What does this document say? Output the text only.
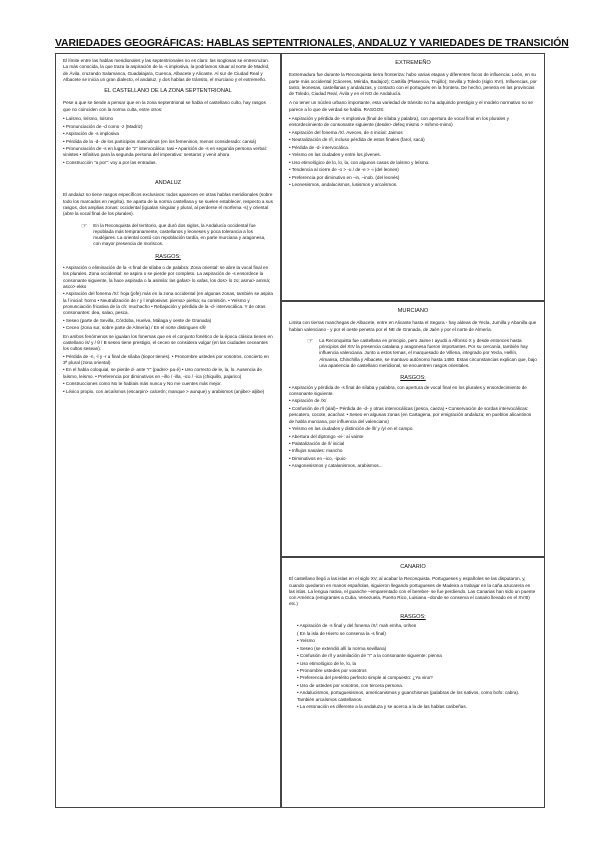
VARIEDADES GEOGRÁFICAS: HABLAS SEPTENTRIONALES, ANDALUZ Y VARIEDADES DE TRANSICIÓN
El límite entre las hablas meridionales y las septentrionales no es claro: las isoglosas se entrecruzan. La más conocida, la que traza la aspiración de la -s implosiva, la podríamos situar al norte de Madrid, de Ávila, cruzando Salamanca, Guadalajara, Cuenca, Albacete y Alicante. Al sur de Ciudad Real y Albacete se inicia un gran dialecto, el andaluz, y dos hablas de tránsito, el murciano y el extremeño.
EL CASTELLANO DE LA ZONA SEPTENTRIONAL
Pese a que se tiende a pensar que en la zona septentrional se habla el castellano culto, hay rasgos que no coinciden con la norma culta, entre otros:
• Laísmo, leísmo, loísmo
• Pronunciación de -d como -z (Madriz)
• Aspiración de -s implosiva
• Pérdida de la -d- de los participios masculinos (en los femeninos, menos considerado: cansá)
• Pronunciación de -s en lugar de "z" intervocálica: tasi • Aparición de -s en segunda persona verbal: vinistes • Infinitivo para la segunda persona del imperativo: sentaros y venir ahora
• Construcción "a por": voy a por las entradas.
ANDALUZ
El andaluz no tiene rasgos específicos exclusivos: todos aparecen en otras hablas meridionales (sobre todo los marcados en negrita). Se aparta de la norma castellana y se suelen establecer, respecto a sus rasgos, dos amplias zonas: occidental (igualan singular y plural, al perderse el morfema -s) y oriental (abre la vocal final de los plurales).
☞ En la Reconquista del territorio, que duró dos siglos, la Andalucía occidental fue repoblada más tempranamente, castellanos y leoneses y poca tolerancia a los mudéjares. La oriental contó con repoblación tardía, en parte murciana y aragonesa, con mayor presencia de moriscos.
RASGOS:
• Aspiración o eliminación de la -s final de sílaba o de palabra: Zona oriental: se abre la vocal final en los plurales. Zona occidental: se aspira o se pierde por completo. La aspiración de -s ensordece la consonante siguiente, la hace aspirada o la asimila: las gafas> lo xafas, los dos> lo zo; asma> ammá; asco> ekko
• Aspiración del fonema /X/: hoja (jofe) más en la zona occidental (en algunas zonas, también se aspira la f inicial: horno • Neutralización de r y l implosivas: pierna> pielna; su comisión. • Yeísmo y pronunciación fricativa de la ch: muchacho • Rebajación y pérdida de la -d- intervocálica. Y de otras consonantes: dea, salao, pesca.
• Seseo (parte de Sevilla, Córdoba, Huelva, Málaga y oeste de Granada)
• Ceceo (zona sur, sobre parte de Almería) / En el norte distinguen s/θ
En ambos fenómenos se igualan los fonemas que en el conjunto fonético de la época clásica tienen en castellano /s/ y / θ / B seseo tiene prestigio, el ceceo se considera vulgar (en las ciudades ceceantes los cultos sesean).
• Pérdida de -n, -l y -r a final de sílaba (tiopor tienes). • Pronombre ustedes por vosotros, concierto en 3ª plural (zona oriental)
• En el habla coloquial, se pierde d- ante "r" (padre> pa·é) • Uso correcto de le, la, lo. Ausencia de laísmo, leísmo. • Preferencia por diminutivos en –illo / -illa, -ico / -ica (chiquillo, pajarico)
• Construcciones como No te habíais más nunca y No me cuentes más mejor.
• Léxico propio, con arcaísmos (escarpin> calcetín; manque > aunque) y arabismos (anjibe> aljibe)
EXTREMEÑO
Extremadura fue durante la Reconquista tierra fronteriza: hubo varias etapas y diferentes focos de influencia: León, en su parte más occidental (Cáceres, Mérida, Badajoz); Castilla (Plasencia, Trujillo); Sevilla y Toledo (siglo XVI). Influencias, por tanto, leonesas, castellanas y andaluzas, y contacto con el portugués en la frontera. De hecho, penetra en las provincias de Toledo, Ciudad Real, Ávila y en el NO de Andalucía.
A no tener un núcleo urbano importante, esta variedad de tránsito no ha adquirido prestigio y el modelo normativo no se parece a lo que de verdad se habla. RASGOS:
• Aspiración y pérdida de -s implosiva (final de sílaba y palabra), con apertura de vocal final en los plurales y ensordecimiento de consonante siguiente (desde> defeq mismo > mihmo-mimo)
• Aspiración del fonema /X/. Aveces, de 4 inicial: Jaimos
• Neutralización de r/l, incluso pérdida de estos finales (farol, sacá)
• Pérdida de -d- intervocálica.
• Yeísmo en las ciudades y entre los jóvenes.
• Uso etimológico de lo, lo, la, con algunos casos de laísmo y leísmo.
• Tendencia al cierre de -o > -u / de -e > -i (del leones)
• Preferencia por diminutivo en –in, –inob. (del leonés)
• Leonesismos, andalucismos, lusismos y arcaísmos.
MURCIANO
Limita con tierras manchegas de Albacete, entre en Alicante hasta el Segura - hay aldeas de Yecla, Jumilla y Abanilla que hablan valenciano - y por el oeste penetra por el NE de Granada, de Jaén y por el norte de Almería.
☞ La Reconquista fue castellana en principio, pero Jaime I ayudó a Alfonso X y desde entonces hasta principios del XIV la presencia catalana y aragonesa fueron importantes. Por su cercanía, también hay influencia valenciana. Junto a estos temas, el marquesado de Villena, integrado por Yecla, Hellín, Almansa, Chinchilla y Albacete, se mantuvo autónomo hasta 1480. Estas circunstancias explican que, bajo una apariencia de castellano meridional, se encuentren rasgos orientales.
RASGOS:
• Aspiración y pérdida de -s final de sílaba y palabra, con apertura de vocal final en los plurales y ensordecimiento de consonante siguiente.
• Aspiración de /X/
• Confusión de r/l (alal)~ Pérdida de -d- y otras intervocálicas (pesca, caeza) • Conservación de sordas intervocálicas: pescatero, cocote, acachar. • Seseo en algunas zonas (en Cartagena, por emigración andaluza; en pueblos alicantinos de habla murciana, por influencia del valenciano)
• Yeísmo en las ciudades y distinción de /ll/ y /y/ en el campo.
• Abertura del diptongo -ei-: aí vainte
• Palatalización de /l/ inicial
• Influjos nasales: mancho
• Diminutivos en –ico, -ipuio
• Aragonesismos y catalanismos, arabismos...
CANARIO
El castellano llegó a las islas en el siglo XV, al acabar la Reconquista. Portugueses y españoles se las disputaron, y, cuando quedaron en manos españolas, siguieron llegando portugueses de Madeira a trabajar en la caña azucarera en las islas. La lengua nativa, el guanche –emparentado con el bereber- se fue perdiendo. Las Canarias han sido un puente con América (emigrantes a Cuba, Venezuela, Puerto Rico, Luisiana –donde se conserva el canario llevado en el XVIII) etc.)
RASGOS:
• Aspiración de -s final y del fonema /X/: mah emha, orihen
( En la isla de Hierro se conserva la -s final)
• Yeísmo
• Seseo (se extendió allí la norma sevillana)
• Confusión de r/l y asimilación de "r" a la consonante siguiente: pienna
• Uso etimológico de le, lo, la
• Pronombre ustedes por vosotros
• Preferencia del pretérito perfecto simple al compuesto: ¿Ya vino?
• Uso de ustedes por vosotros, con tercera persona.
• Andalucismos, portuguesismos, americanismos y guanchismos (palabras de los nativos, como bofo: cabra). También arcaísmos castellanos.
• La entonación es diferente a la andaluza y se acerca a la de las hablas caribeñas.
